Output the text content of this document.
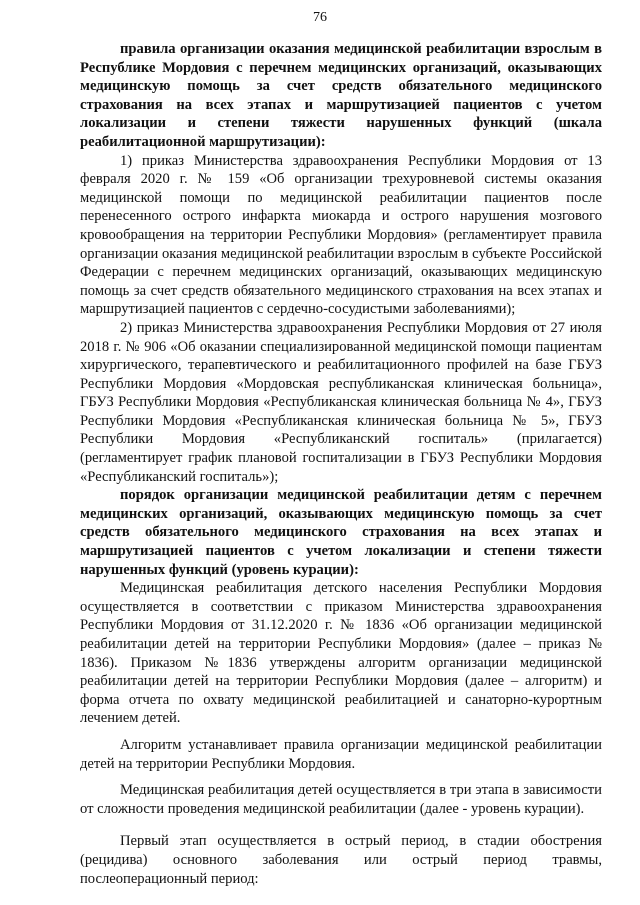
76

правила организации оказания медицинской реабилитации взрослым в Республике Мордовия с перечнем медицинских организаций, оказывающих медицинскую помощь за счет средств обязательного медицинского страхования на всех этапах и маршрутизацией пациентов с учетом локализации и степени тяжести нарушенных функций (шкала реабилитационной маршрутизации):

1) приказ Министерства здравоохранения Республики Мордовия от 13 февраля 2020 г. № 159 «Об организации трехуровневой системы оказания медицинской помощи по медицинской реабилитации пациентов после перенесенного острого инфаркта миокарда и острого нарушения мозгового кровообращения на территории Республики Мордовия» (регламентирует правила организации оказания медицинской реабилитации взрослым в субъекте Российской Федерации с перечнем медицинских организаций, оказывающих медицинскую помощь за счет средств обязательного медицинского страхования на всех этапах и маршрутизацией пациентов с сердечно-сосудистыми заболеваниями);

2) приказ Министерства здравоохранения Республики Мордовия от 27 июля 2018 г. № 906 «Об оказании специализированной медицинской помощи пациентам хирургического, терапевтического и реабилитационного профилей на базе ГБУЗ Республики Мордовия «Мордовская республиканская клиническая больница», ГБУЗ Республики Мордовия «Республиканская клиническая больница № 4», ГБУЗ Республики Мордовия «Республиканская клиническая больница № 5», ГБУЗ Республики Мордовия «Республиканский госпиталь» (прилагается) (регламентирует график плановой госпитализации в ГБУЗ Республики Мордовия «Республиканский госпиталь»);

порядок организации медицинской реабилитации детям с перечнем медицинских организаций, оказывающих медицинскую помощь за счет средств обязательного медицинского страхования на всех этапах и маршрутизацией пациентов с учетом локализации и степени тяжести нарушенных функций (уровень курации):

Медицинская реабилитация детского населения Республики Мордовия осуществляется в соответствии с приказом Министерства здравоохранения Республики Мордовия от 31.12.2020 г. № 1836 «Об организации медицинской реабилитации детей на территории Республики Мордовия» (далее – приказ № 1836). Приказом №1836 утверждены алгоритм организации медицинской реабилитации детей на территории Республики Мордовия (далее – алгоритм) и форма отчета по охвату медицинской реабилитацией и санаторно-курортным лечением детей.

Алгоритм устанавливает правила организации медицинской реабилитации детей на территории Республики Мордовия.

Медицинская реабилитация детей осуществляется в три этапа в зависимости от сложности проведения медицинской реабилитации (далее - уровень курации).

Первый этап осуществляется в острый период, в стадии обострения (рецидива) основного заболевания или острый период травмы, послеоперационный период:
